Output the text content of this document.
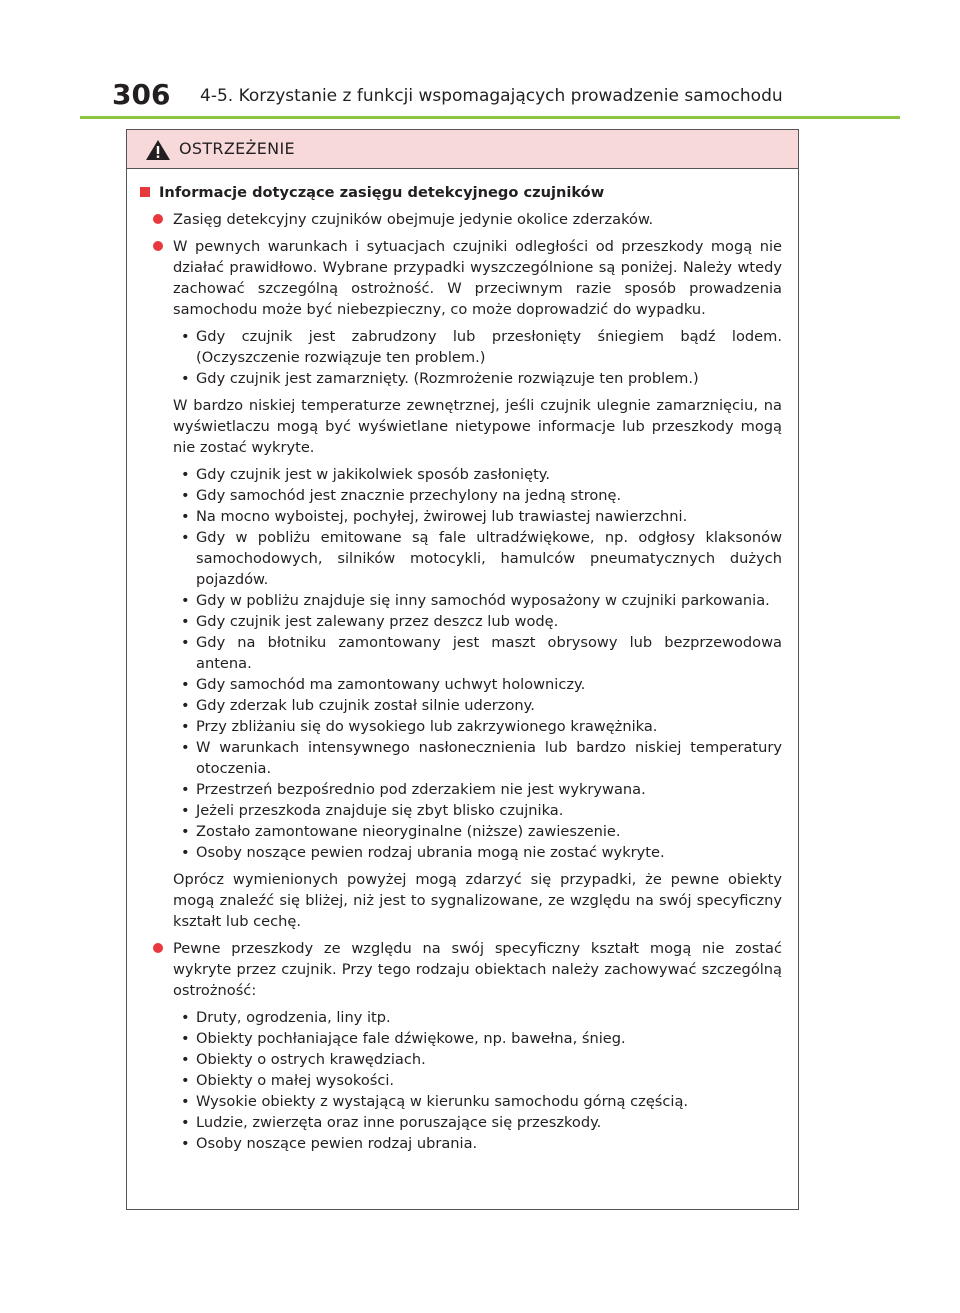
306 4-5. Korzystanie z funkcji wspomagających prowadzenie samochodu
OSTRZEŻENIE
Informacje dotyczące zasięgu detekcyjnego czujników
Zasięg detekcyjny czujników obejmuje jedynie okolice zderzaków.
W pewnych warunkach i sytuacjach czujniki odległości od przeszkody mogą nie działać prawidłowo. Wybrane przypadki wyszczególnione są poniżej. Należy wtedy zachować szczególną ostrożność. W przeciwnym razie sposób prowadzenia samochodu może być niebezpieczny, co może doprowadzić do wypadku.
• Gdy czujnik jest zabrudzony lub przesłonięty śniegiem bądź lodem. (Oczyszczenie rozwiązuje ten problem.)
• Gdy czujnik jest zamarznięty. (Rozmrożenie rozwiązuje ten problem.)
W bardzo niskiej temperaturze zewnętrznej, jeśli czujnik ulegnie zamarznięciu, na wyświetlaczu mogą być wyświetlane nietypowe informacje lub przeszkody mogą nie zostać wykryte.
• Gdy czujnik jest w jakikolwiek sposób zasłonięty.
• Gdy samochód jest znacznie przechylony na jedną stronę.
• Na mocno wyboistej, pochyłej, żwirowej lub trawiastej nawierzchni.
• Gdy w pobliżu emitowane są fale ultradźwiękowe, np. odgłosy klaksonów samochodowych, silników motocykli, hamulców pneumatycznych dużych pojazdów.
• Gdy w pobliżu znajduje się inny samochód wyposażony w czujniki parkowania.
• Gdy czujnik jest zalewany przez deszcz lub wodę.
• Gdy na błotniku zamontowany jest maszt obrysowy lub bezprzewodowa antena.
• Gdy samochód ma zamontowany uchwyt holowniczy.
• Gdy zderzak lub czujnik został silnie uderzony.
• Przy zbliżaniu się do wysokiego lub zakrzywionego krawężnika.
• W warunkach intensywnego nasłonecznienia lub bardzo niskiej temperatury otoczenia.
• Przestrzeń bezpośrednio pod zderzakiem nie jest wykrywana.
• Jeżeli przeszkoda znajduje się zbyt blisko czujnika.
• Zostało zamontowane nieoryginalne (niższe) zawieszenie.
• Osoby noszące pewien rodzaj ubrania mogą nie zostać wykryte.
Oprócz wymienionych powyżej mogą zdarzyć się przypadki, że pewne obiekty mogą znaleźć się bliżej, niż jest to sygnalizowane, ze względu na swój specyficzny kształt lub cechę.
Pewne przeszkody ze względu na swój specyficzny kształt mogą nie zostać wykryte przez czujnik. Przy tego rodzaju obiektach należy zachowywać szczególną ostrożność:
• Druty, ogrodzenia, liny itp.
• Obiekty pochłaniające fale dźwiękowe, np. bawełna, śnieg.
• Obiekty o ostrych krawędziach.
• Obiekty o małej wysokości.
• Wysokie obiekty z wystającą w kierunku samochodu górną częścią.
• Ludzie, zwierzęta oraz inne poruszające się przeszkody.
• Osoby noszące pewien rodzaj ubrania.
